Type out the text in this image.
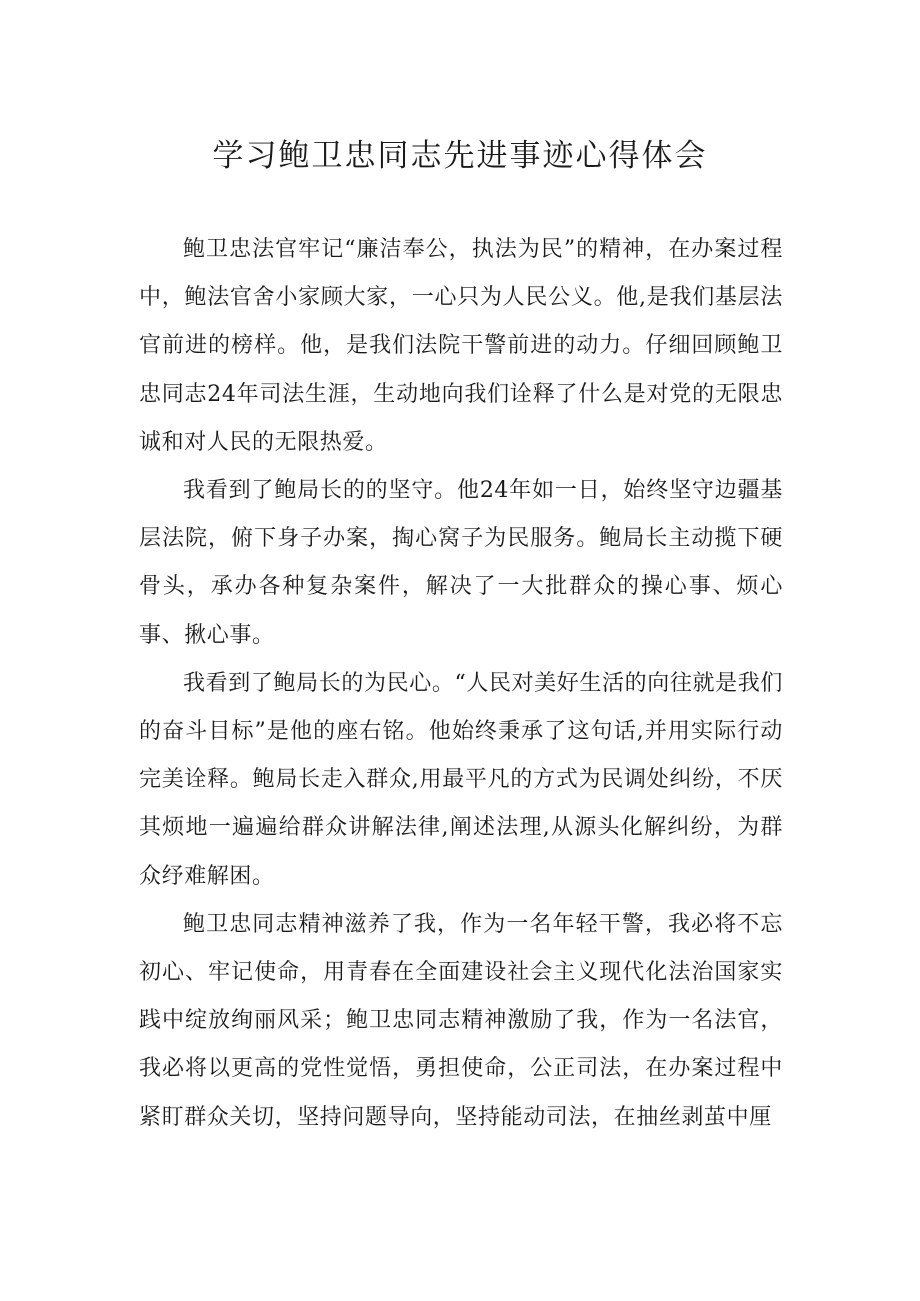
学习鲍卫忠同志先进事迹心得体会

鲍卫忠法官牢记“廉洁奉公，执法为民”的精神，在办案过程中，鲍法官舍小家顾大家，一心只为人民公义。他,是我们基层法官前进的榜样。他，是我们法院干警前进的动力。仔细回顾鲍卫忠同志24年司法生涯，生动地向我们诠释了什么是对党的无限忠诚和对人民的无限热爱。

我看到了鲍局长的的坚守。他24年如一日，始终坚守边疆基层法院，俯下身子办案，掏心窝子为民服务。鲍局长主动揽下硬骨头，承办各种复杂案件，解决了一大批群众的操心事、烦心事、揪心事。

我看到了鲍局长的为民心。“人民对美好生活的向往就是我们的奋斗目标”是他的座右铭。他始终秉承了这句话,并用实际行动完美诠释。鲍局长走入群众,用最平凡的方式为民调处纠纷，不厌其烦地一遍遍给群众讲解法律,阐述法理,从源头化解纠纷，为群众纾难解困。

鲍卫忠同志精神滋养了我，作为一名年轻干警，我必将不忘初心、牢记使命，用青春在全面建设社会主义现代化法治国家实践中绽放绚丽风采；鲍卫忠同志精神激励了我，作为一名法官，我必将以更高的党性觉悟，勇担使命，公正司法，在办案过程中紧盯群众关切，坚持问题导向，坚持能动司法，在抽丝剥茧中厘
